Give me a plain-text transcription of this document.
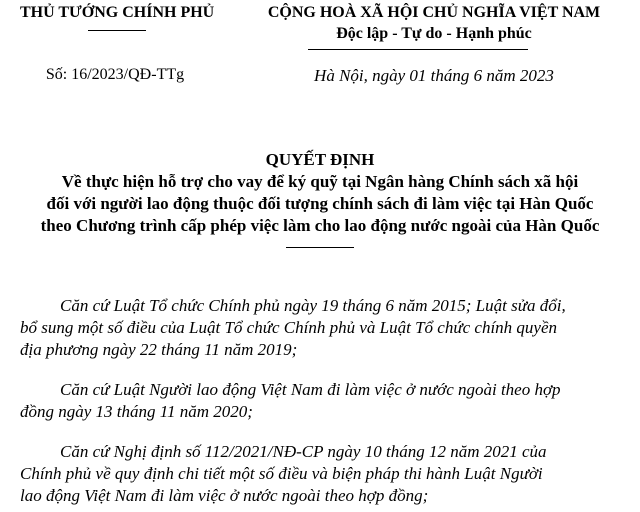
THỦ TƯỚNG CHÍNH PHỦ	CỘNG HOÀ XÃ HỘI CHỦ NGHĨA VIỆT NAM
Độc lập - Tự do - Hạnh phúc
Số: 16/2023/QĐ-TTg	Hà Nội, ngày 01 tháng 6 năm 2023
QUYẾT ĐỊNH
Về thực hiện hỗ trợ cho vay để ký quỹ tại Ngân hàng Chính sách xã hội
đối với người lao động thuộc đối tượng chính sách đi làm việc tại Hàn Quốc
theo Chương trình cấp phép việc làm cho lao động nước ngoài của Hàn Quốc
Căn cứ Luật Tổ chức Chính phủ ngày 19 tháng 6 năm 2015; Luật sửa đổi,
bổ sung một số điều của Luật Tổ chức Chính phủ và Luật Tổ chức chính quyền
địa phương ngày 22 tháng 11 năm 2019;
Căn cứ Luật Người lao động Việt Nam đi làm việc ở nước ngoài theo hợp
đồng ngày 13 tháng 11 năm 2020;
Căn cứ Nghị định số 112/2021/NĐ-CP ngày 10 tháng 12 năm 2021 của
Chính phủ về quy định chi tiết một số điều và biện pháp thi hành Luật Người
lao động Việt Nam đi làm việc ở nước ngoài theo hợp đồng;
